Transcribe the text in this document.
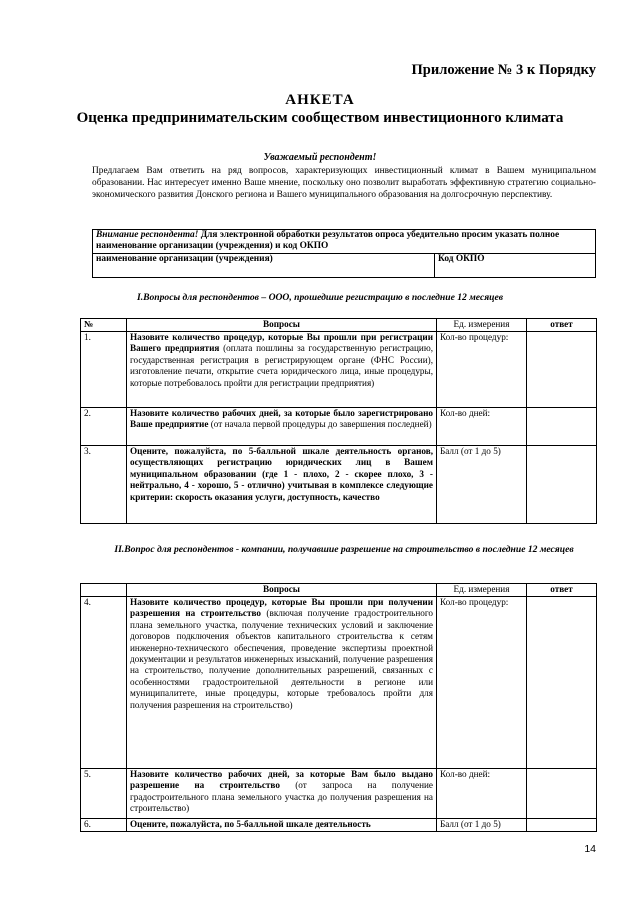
Приложение № 3 к Порядку
АНКЕТА
Оценка предпринимательским сообществом инвестиционного климата
Уважаемый респондент!
Предлагаем Вам ответить на ряд вопросов, характеризующих инвестиционный климат в Вашем муниципальном образовании. Нас интересует именно Ваше мнение, поскольку оно позволит выработать эффективную стратегию социально-экономического развития Донского региона и Вашего муниципального образования на долгосрочную перспективу.
Внимание респондента! Для электронной обработки результатов опроса убедительно просим указать полное наименование организации (учреждения) и код ОКПО
наименование организации (учреждения)	Код ОКПО
I.Вопросы для респондентов – ООО, прошедшие регистрацию в последние 12 месяцев
№	Вопросы	Ед. измерения	ответ
1.	Назовите количество процедур, которые Вы прошли при регистрации Вашего предприятия (оплата пошлины за государственную регистрацию, государственная регистрация в регистрирующем органе (ФНС России), изготовление печати, открытие счета юридического лица, иные процедуры, которые потребовалось пройти для регистрации предприятия)	Кол-во процедур:	
2.	Назовите количество рабочих дней, за которые было зарегистрировано Ваше предприятие (от начала первой процедуры до завершения последней)	Кол-во дней:	
3.	Оцените, пожалуйста, по 5-балльной шкале деятельность органов, осуществляющих регистрацию юридических лиц в Вашем муниципальном образовании (где 1 - плохо, 2 - скорее плохо, 3 - нейтрально, 4 - хорошо, 5 - отлично) учитывая в комплексе следующие критерии: скорость оказания услуги, доступность, качество	Балл (от 1 до 5)	
II.Вопрос для респондентов - компании, получавшие разрешение на строительство в последние 12 месяцев
	Вопросы	Ед. измерения	ответ
4.	Назовите количество процедур, которые Вы прошли при получении разрешения на строительство (включая получение градостроительного плана земельного участка, получение технических условий и заключение договоров подключения объектов капитального строительства к сетям инженерно-технического обеспечения, проведение экспертизы проектной документации и результатов инженерных изысканий, получение разрешения на строительство, получение дополнительных разрешений, связанных с особенностями градостроительной деятельности в регионе или муниципалитете, иные процедуры, которые требовалось пройти для получения разрешения на строительство)	Кол-во процедур:	
5.	Назовите количество рабочих дней, за которые Вам было выдано разрешение на строительство (от запроса на получение градостроительного плана земельного участка до получения разрешения на строительство)	Кол-во дней:	
6.	Оцените, пожалуйста, по 5-балльной шкале деятельность	Балл (от 1 до 5)	
14
